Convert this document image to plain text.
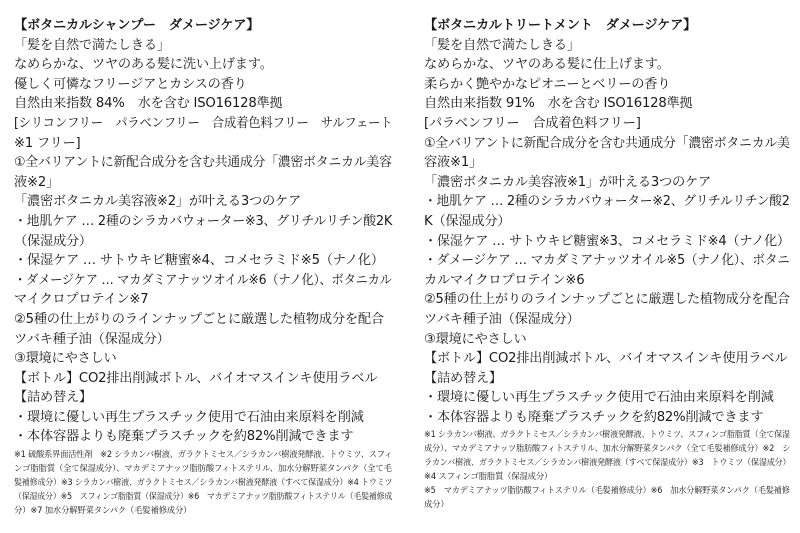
【ボタニカルシャンプー　ダメージケア】
「髪を自然で満たしきる」
なめらかな、ツヤのある髪に洗い上げます。
優しく可憐なフリージアとカシスの香り
自然由来指数 84%　水を含む ISO16128準拠
[シリコンフリー　パラベンフリー　合成着色料フリー　サルフェート
※1 フリー]
①全バリアントに新配合成分を含む共通成分「濃密ボタニカル美容
液※2」
「濃密ボタニカル美容液※2」が叶える3つのケア
・地肌ケア … 2種のシラカバウォーター※3、グリチルリチン酸2K
（保湿成分）
・保湿ケア … サトウキビ糖蜜※4、コメセラミド※5（ナノ化）
・ダメージケア … マカダミアナッツオイル※6（ナノ化）、ボタニカル
マイクロプロテイン※7
②5種の仕上がりのラインナップごとに厳選した植物成分を配合
ツバキ種子油（保湿成分）
③環境にやさしい
【ボトル】CO2排出削減ボトル、バイオマスインキ使用ラベル
【詰め替え】
・環境に優しい再生プラスチック使用で石油由来原料を削減
・本体容器よりも廃棄プラスチックを約82%削減できます
※1 硫酸系界面活性剤　※2 シラカンバ樹液、ガラクトミセス／シラカンバ樹液発酵液、トウミツ、スフィ
ンゴ脂脂質（全て保湿成分）、マカデミアナッツ脂肪酸フィトステリル、加水分解野菜タンパク（全て毛
髪補修成分）※3 シラカンバ樹液、ガラクトミセス／シラカンバ樹液発酵液（すべて保湿成分）※4 トウミツ
（保湿成分）※5　スフィンゴ脂脂質（保湿成分）※6　マカデミアナッツ脂肪酸フィトステリル（毛髪補修成
分）※7 加水分解野菜タンパク（毛髪補修成分）
【ボタニカルトリートメント　ダメージケア】
「髪を自然で満たしきる」
なめらかな、ツヤのある髪に仕上げます。
柔らかく艶やかなピオニーとベリーの香り
自然由来指数 91%　水を含む ISO16128準拠
[パラベンフリー　合成着色料フリー]
①全バリアントに新配合成分を含む共通成分「濃密ボタニカル美
容液※1」
「濃密ボタニカル美容液※1」が叶える3つのケア
・地肌ケア … 2種のシラカバウォーター※2、グリチルリチン酸2
K（保湿成分）
・保湿ケア … サトウキビ糖蜜※3、コメセラミド※4（ナノ化）
・ダメージケア … マカダミアナッツオイル※5（ナノ化）、ボタニ
カルマイクロプロテイン※6
②5種の仕上がりのラインナップごとに厳選した植物成分を配合
ツバキ種子油（保湿成分）
③環境にやさしい
【ボトル】CO2排出削減ボトル、バイオマスインキ使用ラベル
【詰め替え】
・環境に優しい再生プラスチック使用で石油由来原料を削減
・本体容器よりも廃棄プラスチックを約82%削減できます
※1 シラカンバ樹液、ガラクトミセス／シラカンバ樹液発酵液、トウミツ、スフィンゴ脂脂質（全て保湿
成分）、マカデミアナッツ脂肪酸フィトステリル、加水分解野菜タンパク（全て毛髪補修成分）※2　シ
ラカンバ樹液、ガラクトミセス／シラカンバ樹液発酵液（すべて保湿成分）※3　トウミツ（保湿成分）
※4 スフィンゴ脂脂質（保湿成分）
※5　マカデミアナッツ脂肪酸フィトステリル（毛髪補修成分）※6　加水分解野菜タンパク（毛髪補修
成分）
